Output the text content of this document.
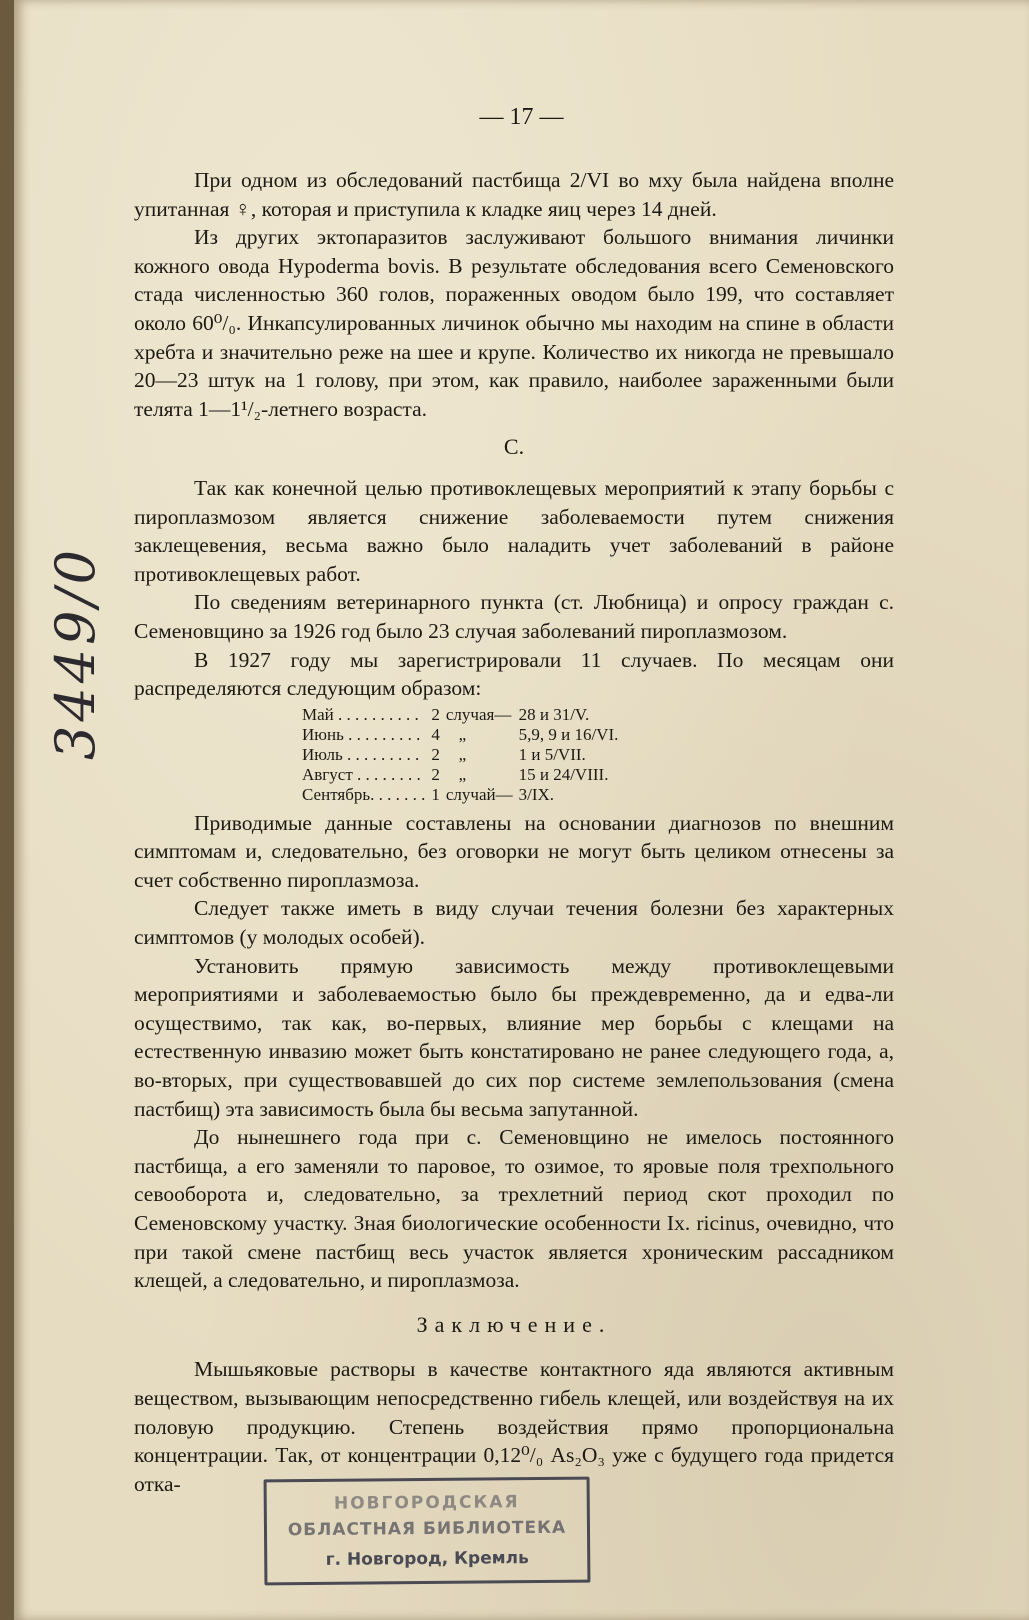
3449/0
— 17 —

При одном из обследований пастбища 2/VI во мху была найдена вполне упитанная ♀, которая и приступила к кладке яиц через 14 дней.

Из других эктопаразитов заслуживают большого внимания личинки кожного овода Hypoderma bovis. В результате обследования всего Семеновского стада численностью 360 голов, пораженных оводом было 199, что составляет около 60⁰/₀. Инкапсулированных личинок обычно мы находим на спине в области хребта и значительно реже на шее и крупе. Количество их никогда не превышало 20—23 штук на 1 голову, при этом, как правило, наиболее зараженными были телята 1—1¹/₂-летнего возраста.

С.

Так как конечной целью противоклещевых мероприятий к этапу борьбы с пироплазмозом является снижение заболеваемости путем снижения заклещевения, весьма важно было наладить учет заболеваний в районе противоклещевых работ.

По сведениям ветеринарного пункта (ст. Любница) и опросу граждан с. Семеновщино за 1926 год было 23 случая заболеваний пироплазмозом.

В 1927 году мы зарегистрировали 11 случаев. По месяцам они распределяются следующим образом:

Май . . . . . . . . . .	2	случая—	28 и 31/V.
Июнь . . . . . . . . .	4	„	5,9, 9 и 16/VI.
Июль . . . . . . . . .	2	„	1 и 5/VII.
Август . . . . . . . .	2	„	15 и 24/VIII.
Сентябрь. . . . . . .	1	случай—	3/IX.

Приводимые данные составлены на основании диагнозов по внешним симптомам и, следовательно, без оговорки не могут быть целиком отнесены за счет собственно пироплазмоза.

Следует также иметь в виду случаи течения болезни без характерных симптомов (у молодых особей).

Установить прямую зависимость между противоклещевыми мероприятиями и заболеваемостью было бы преждевременно, да и едва-ли осуществимо, так как, во-первых, влияние мер борьбы с клещами на естественную инвазию может быть констатировано не ранее следующего года, а, во-вторых, при существовавшей до сих пор системе землепользования (смена пастбищ) эта зависимость была бы весьма запутанной.

До нынешнего года при с. Семеновщино не имелось постоянного пастбища, а его заменяли то паровое, то озимое, то яровые поля трехпольного севооборота и, следовательно, за трехлетний период скот проходил по Семеновскому участку. Зная биологические особенности Ix. ricinus, очевидно, что при такой смене пастбищ весь участок является хроническим рассадником клещей, а следовательно, и пироплазмоза.

Заключение.

Мышьяковые растворы в качестве контактного яда являются активным веществом, вызывающим непосредственно гибель клещей, или воздействуя на их половую продукцию. Степень воздействия прямо пропорциональна концентрации. Так, от концентрации 0,12⁰/₀ As₂O₃ уже с будущего года придется отка-

НОВГОРОДСКАЯ
ОБЛАСТНАЯ БИБЛИОТЕКА
г. Новгород, Кремль
